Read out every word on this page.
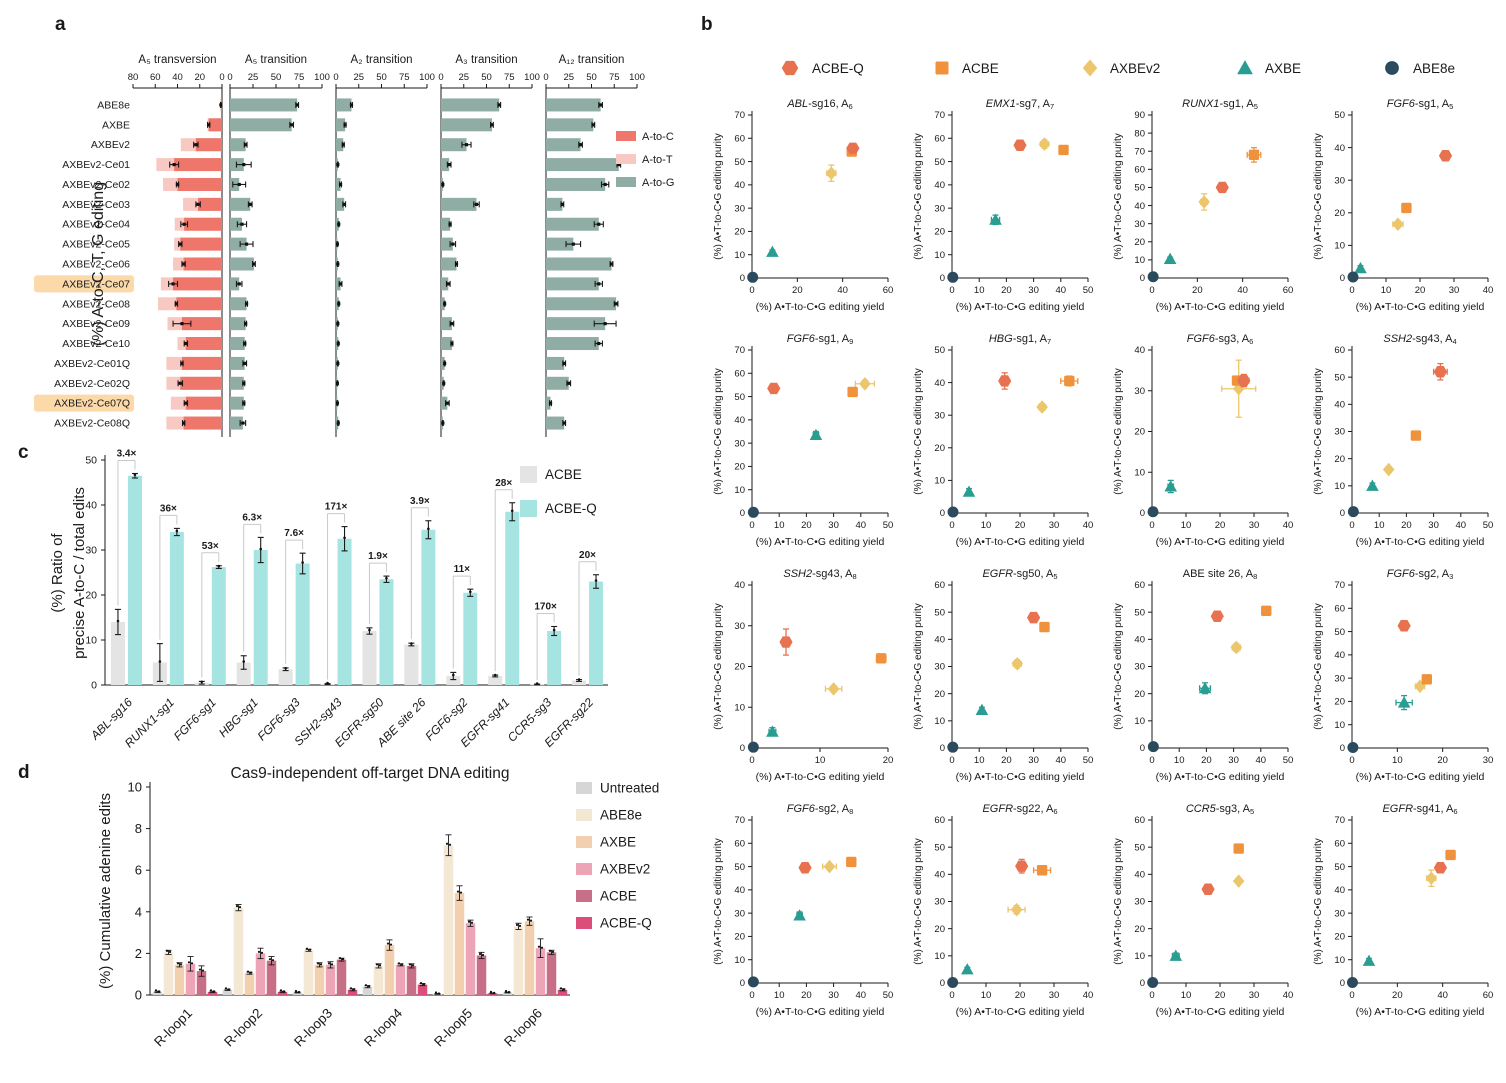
a
A₅ transversion
80 60 40 20 0
A₅ transition
0 25 50 75 100
A₂ transition
0 25 50 75 100
A₃ transition
0 25 50 75 100
A₁₂ transition
0 25 50 75 100
ABE8e
AXBE
AXBEv2
AXBEv2-Ce01
AXBEv2-Ce02
AXBEv2-Ce03
AXBEv2-Ce04
AXBEv2-Ce05
AXBEv2-Ce06
AXBEv2-Ce07
AXBEv2-Ce08
AXBEv2-Ce09
AXBEv2-Ce10
AXBEv2-Ce01Q
AXBEv2-Ce02Q
AXBEv2-Ce07Q
AXBEv2-Ce08Q
(%) A-to-C, T, G editing
A-to-C
A-to-T
A-to-G
b
ACBE-Q	ACBE	AXBEv2	AXBE	ABE8e
ABL-sg16, A6
0
10
20
30
40
50
60
70
0	20	40	60
(%) A•T-to-C•G editing purity
(%) A•T-to-C•G editing yield
EMX1-sg7, A7
0
10
20
30
40
50
60
70
0 10 20 30 40 50
(%) A•T-to-C•G editing purity
(%) A•T-to-C•G editing yield
RUNX1-sg1, A5
0
10
20
30
40
50
60
70
80
90
0	20	40	60
(%) A•T-to-C•G editing purity
(%) A•T-to-C•G editing yield
FGF6-sg1, A5
0
10
20
30
40
50
0	10 20 30 40
(%) A•T-to-C•G editing purity
(%) A•T-to-C•G editing yield
FGF6-sg1, A9
0
10
20
30
40
50
60
70
0 10 20 30 40 50
(%) A•T-to-C•G editing purity
(%) A•T-to-C•G editing yield
HBG-sg1, A7
0
10
20
30
40
50
0	10 20 30 40
(%) A•T-to-C•G editing purity
(%) A•T-to-C•G editing yield
FGF6-sg3, A6
0
10
20
30
40
0	10 20 30 40
(%) A•T-to-C•G editing purity
(%) A•T-to-C•G editing yield
SSH2-sg43, A4
0
10
20
30
40
50
60
0 10 20 30 40 50
(%) A•T-to-C•G editing purity
(%) A•T-to-C•G editing yield
SSH2-sg43, A8
0
10
20
30
40
0	10	20
(%) A•T-to-C•G editing purity
(%) A•T-to-C•G editing yield
EGFR-sg50, A5
0
10
20
30
40
50
60
0 10 20 30 40 50
(%) A•T-to-C•G editing purity
(%) A•T-to-C•G editing yield
ABE site 26, A8
0
10
20
30
40
50
60
0 10 20 30 40 50
(%) A•T-to-C•G editing purity
(%) A•T-to-C•G editing yield
FGF6-sg2, A3
0
10
20
30
40
50
60
70
0	10	20	30
(%) A•T-to-C•G editing purity
(%) A•T-to-C•G editing yield
FGF6-sg2, A8
0
10
20
30
40
50
60
70
0 10 20 30 40 50
(%) A•T-to-C•G editing purity
(%) A•T-to-C•G editing yield
EGFR-sg22, A6
0
10
20
30
40
50
60
0	10 20 30 40
(%) A•T-to-C•G editing purity
(%) A•T-to-C•G editing yield
CCR5-sg3, A5
0
10
20
30
40
50
60
0	10 20 30 40
(%) A•T-to-C•G editing purity
(%) A•T-to-C•G editing yield
EGFR-sg41, A6
0
10
20
30
40
50
60
70
0	20	40	60
(%) A•T-to-C•G editing purity
(%) A•T-to-C•G editing yield
c
0
10
20
30
40
50
3.4×
ABL-sg16
36×
RUNX1-sg1
53×
FGF6-sg1
6.3×
HBG-sg1
7.6×
FGF6-sg3
171×
SSH2-sg43
1.9×
EGFR-sg50
3.9×
ABE site 26
11×
FGF6-sg2
28×
EGFR-sg41
170×
CCR5-sg3
20×
EGFR-sg22
(%) Ratio of precise A-to-C / total edits
ACBE
ACBE-Q
d	Cas9-independent off-target DNA editing
0
2
4
6
8
10
R-loop1 R-loop2 R-loop3 R-loop4 R-loop5 R-loop6
(%) Cumulative adenine edits
Untreated
ABE8e
AXBE
AXBEv2
ACBE
ACBE-Q
